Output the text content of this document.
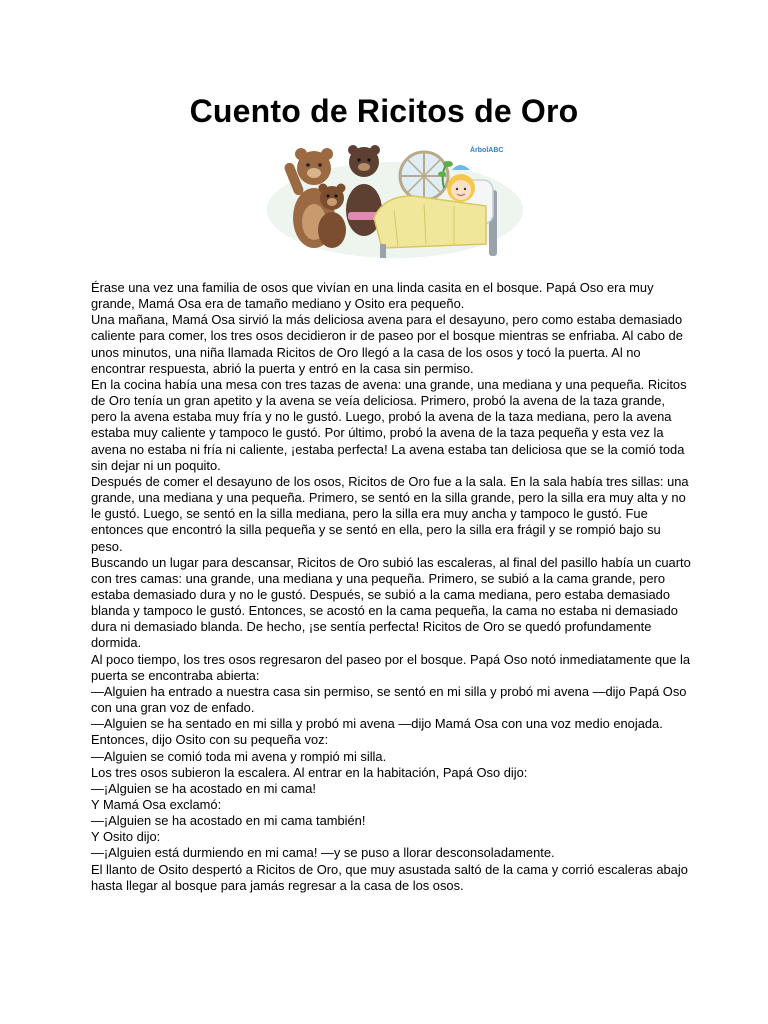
Cuento de Ricitos de Oro
ÁrbolABC

Érase una vez una familia de osos que vivían en una linda casita en el bosque. Papá Oso era muy grande, Mamá Osa era de tamaño mediano y Osito era pequeño.

Una mañana, Mamá Osa sirvió la más deliciosa avena para el desayuno, pero como estaba demasiado caliente para comer, los tres osos decidieron ir de paseo por el bosque mientras se enfriaba. Al cabo de unos minutos, una niña llamada Ricitos de Oro llegó a la casa de los osos y tocó la puerta. Al no encontrar respuesta, abrió la puerta y entró en la casa sin permiso.

En la cocina había una mesa con tres tazas de avena: una grande, una mediana y una pequeña. Ricitos de Oro tenía un gran apetito y la avena se veía deliciosa. Primero, probó la avena de la taza grande, pero la avena estaba muy fría y no le gustó. Luego, probó la avena de la taza mediana, pero la avena estaba muy caliente y tampoco le gustó. Por último, probó la avena de la taza pequeña y esta vez la avena no estaba ni fría ni caliente, ¡estaba perfecta! La avena estaba tan deliciosa que se la comió toda sin dejar ni un poquito.

Después de comer el desayuno de los osos, Ricitos de Oro fue a la sala. En la sala había tres sillas: una grande, una mediana y una pequeña. Primero, se sentó en la silla grande, pero la silla era muy alta y no le gustó. Luego, se sentó en la silla mediana, pero la silla era muy ancha y tampoco le gustó. Fue entonces que encontró la silla pequeña y se sentó en ella, pero la silla era frágil y se rompió bajo su peso.

Buscando un lugar para descansar, Ricitos de Oro subió las escaleras, al final del pasillo había un cuarto con tres camas: una grande, una mediana y una pequeña. Primero, se subió a la cama grande, pero estaba demasiado dura y no le gustó. Después, se subió a la cama mediana, pero estaba demasiado blanda y tampoco le gustó. Entonces, se acostó en la cama pequeña, la cama no estaba ni demasiado dura ni demasiado blanda. De hecho, ¡se sentía perfecta! Ricitos de Oro se quedó profundamente dormida.

Al poco tiempo, los tres osos regresaron del paseo por el bosque. Papá Oso notó inmediatamente que la puerta se encontraba abierta:

—Alguien ha entrado a nuestra casa sin permiso, se sentó en mi silla y probó mi avena —dijo Papá Oso con una gran voz de enfado.

—Alguien se ha sentado en mi silla y probó mi avena —dijo Mamá Osa con una voz medio enojada.

Entonces, dijo Osito con su pequeña voz:

—Alguien se comió toda mi avena y rompió mi silla.

Los tres osos subieron la escalera. Al entrar en la habitación, Papá Oso dijo:

—¡Alguien se ha acostado en mi cama!

Y Mamá Osa exclamó:

—¡Alguien se ha acostado en mi cama también!

Y Osito dijo:

—¡Alguien está durmiendo en mi cama! —y se puso a llorar desconsoladamente.

El llanto de Osito despertó a Ricitos de Oro, que muy asustada saltó de la cama y corrió escaleras abajo hasta llegar al bosque para jamás regresar a la casa de los osos.
